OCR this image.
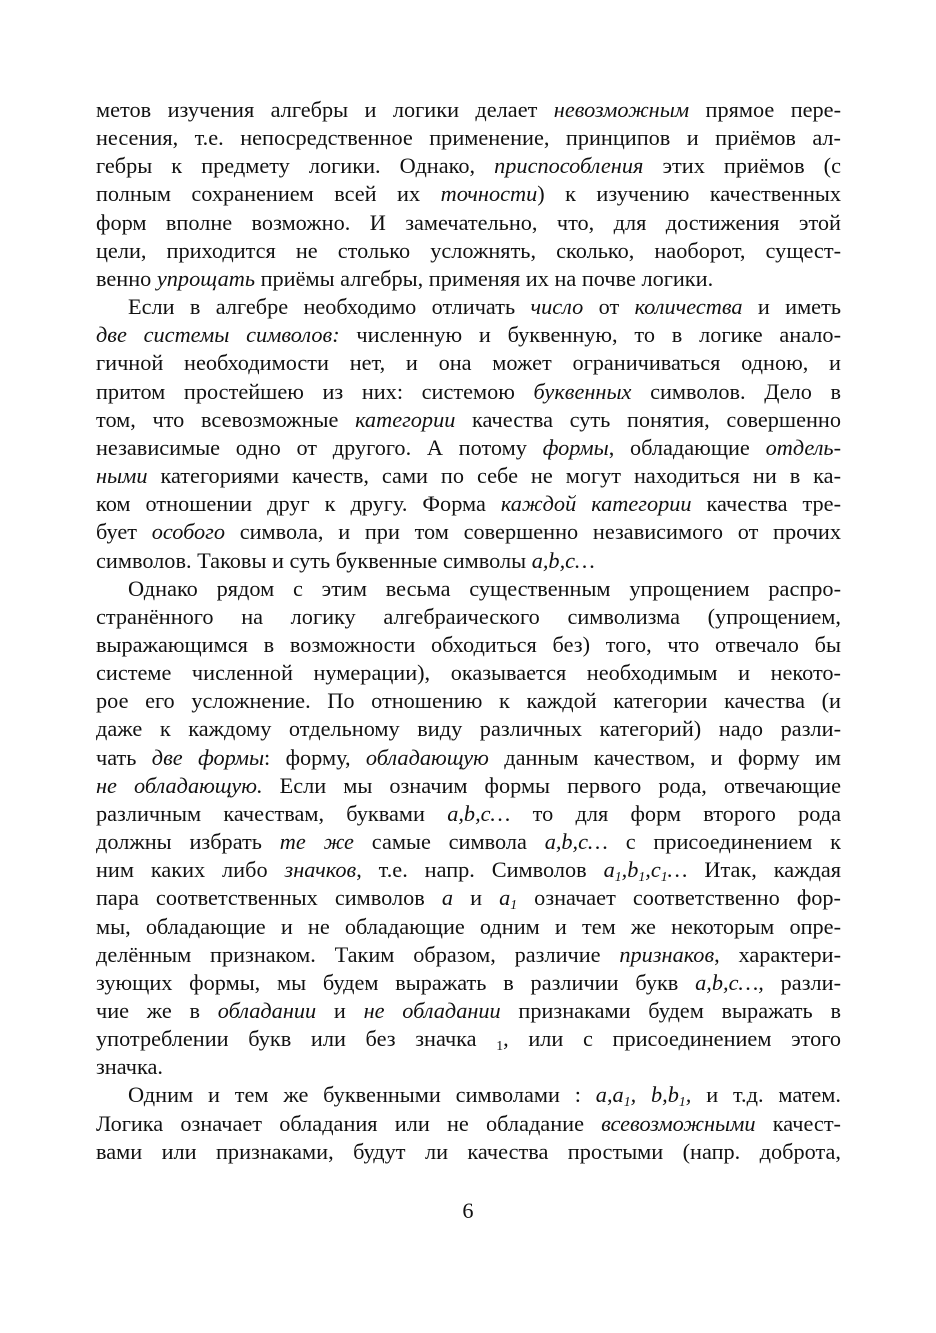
метов изучения алгебры и логики делает невозможным прямое пере-
несения, т.е. непосредственное применение, принципов и приёмов ал-
гебры к предмету логики. Однако, приспособления этих приёмов (с
полным сохранением всей их точности) к изучению качественных
форм вполне возможно. И замечательно, что, для достижения этой
цели, приходится не столько усложнять, сколько, наоборот, сущест-
венно упрощать приёмы алгебры, применяя их на почве логики.
Если в алгебре необходимо отличать число от количества и иметь
две системы символов: численную и буквенную, то в логике анало-
гичной необходимости нет, и она может ограничиваться одною, и
притом простейшею из них: системою буквенных символов. Дело в
том, что всевозможные категории качества суть понятия, совершенно
независимые одно от другого. А потому формы, обладающие отдель-
ными категориями качеств, сами по себе не могут находиться ни в ка-
ком отношении друг к другу. Форма каждой категории качества тре-
бует особого символа, и при том совершенно независимого от прочих
символов. Таковы и суть буквенные символы a,b,c…
Однако рядом с этим весьма существенным упрощением распро-
странённого на логику алгебраического символизма (упрощением,
выражающимся в возможности обходиться без) того, что отвечало бы
системе численной нумерации), оказывается необходимым и некото-
рое его усложнение. По отношению к каждой категории качества (и
даже к каждому отдельному виду различных категорий) надо разли-
чать две формы: форму, обладающую данным качеством, и форму им
не обладающую. Если мы означим формы первого рода, отвечающие
различным качествам, буквами a,b,c… то для форм второго рода
должны избрать те же самые символа a,b,c… с присоединением к
ним каких либо значков, т.е. напр. Символов $a_1,b_1,c_1\dots$ Итак, каждая
пара соответственных символов a и $a_1$ означает соответственно фор-
мы, обладающие и не обладающие одним и тем же некоторым опре-
делённым признаком. Таким образом, различие признаков, характери-
зующих формы, мы будем выражать в различии букв a,b,c…, разли-
чие же в обладании и не обладании признаками будем выражать в
употреблении букв или без значка $_1$, или с присоединением этого
значка.
Одним и тем же буквенными символами : $a,a_1$, $b,b_1$, и т.д. матем.
Логика означает обладания или не обладание всевозможными качест-
вами или признаками, будут ли качества простыми (напр. доброта,
6
